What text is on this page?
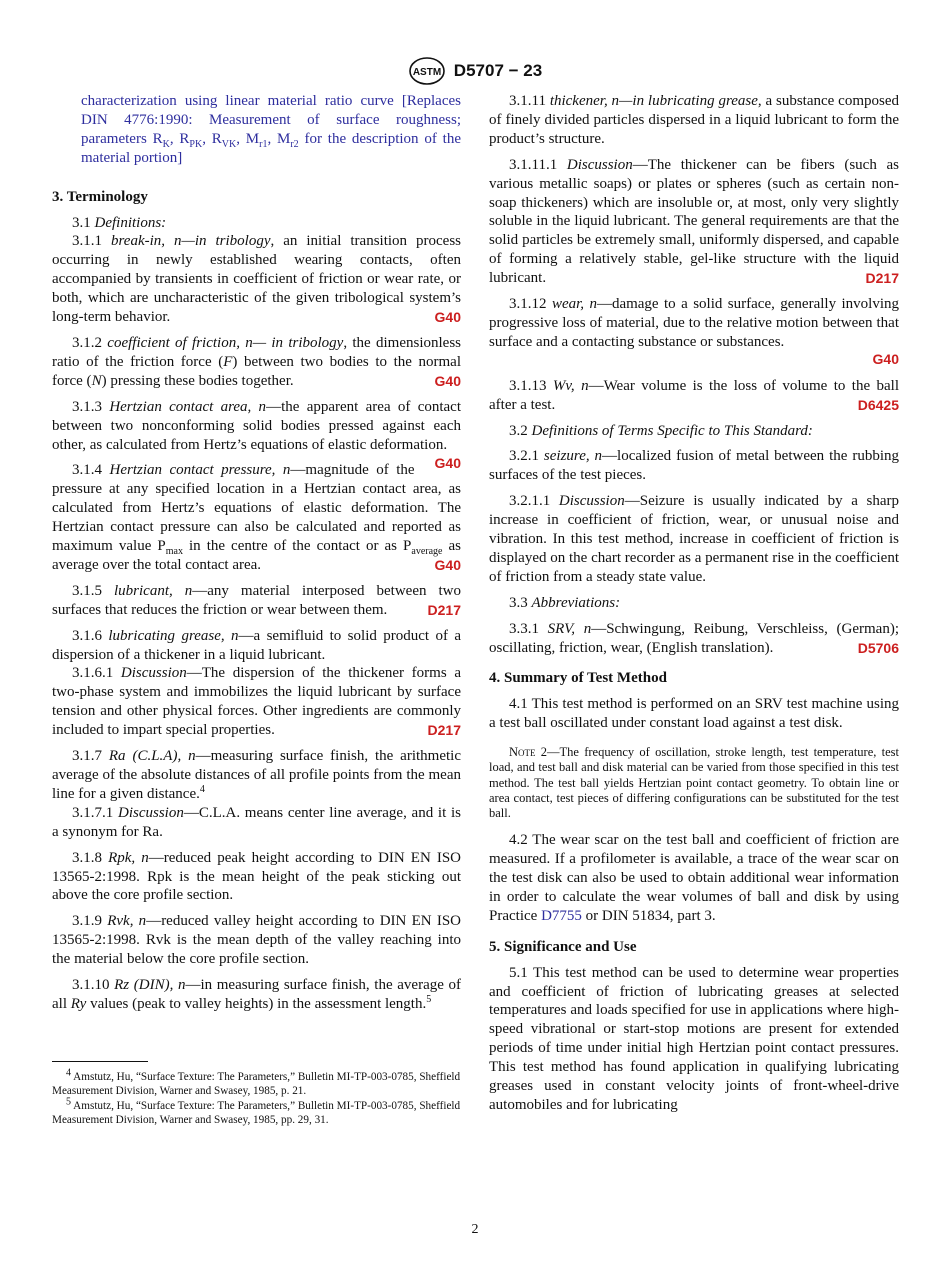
ASTM D5707 − 23

characterization using linear material ratio curve [Replaces DIN 4776:1990: Measurement of surface roughness; parameters $R_K$, $R_{PK}$, $R_{VK}$, $M_{r1}$, $M_{r2}$ for the description of the material portion]

3. Terminology

3.1 Definitions:

3.1.1 break-in, n—in tribology, an initial transition process occurring in newly established wearing contacts, often accompanied by transients in coefficient of friction or wear rate, or both, which are uncharacteristic of the given tribological system’s long-term behavior.	G40

3.1.2 coefficient of friction, n— in tribology, the dimensionless ratio of the friction force (F) between two bodies to the normal force (N) pressing these bodies together.	G40

3.1.3 Hertzian contact area, n—the apparent area of contact between two nonconforming solid bodies pressed against each other, as calculated from Hertz’s equations of elastic deformation.
G40

3.1.4 Hertzian contact pressure, n—magnitude of the pressure at any specified location in a Hertzian contact area, as calculated from Hertz’s equations of elastic deformation. The Hertzian contact pressure can also be calculated and reported as maximum value $P_{max}$ in the centre of the contact or as $P_{average}$ as average over the total contact area.	G40

3.1.5 lubricant, n—any material interposed between two surfaces that reduces the friction or wear between them.	D217

3.1.6 lubricating grease, n—a semifluid to solid product of a dispersion of a thickener in a liquid lubricant.

3.1.6.1 Discussion—The dispersion of the thickener forms a two-phase system and immobilizes the liquid lubricant by surface tension and other physical forces. Other ingredients are commonly included to impart special properties.	D217

3.1.7 Ra (C.L.A), n—measuring surface finish, the arithmetic average of the absolute distances of all profile points from the mean line for a given distance.$^4$

3.1.7.1 Discussion—C.L.A. means center line average, and it is a synonym for Ra.

3.1.8 Rpk, n—reduced peak height according to DIN EN ISO 13565-2:1998. Rpk is the mean height of the peak sticking out above the core profile section.

3.1.9 Rvk, n—reduced valley height according to DIN EN ISO 13565-2:1998. Rvk is the mean depth of the valley reaching into the material below the core profile section.

3.1.10 Rz (DIN), n—in measuring surface finish, the average of all Ry values (peak to valley heights) in the assessment length.$^5$

$^4$ Amstutz, Hu, “Surface Texture: The Parameters,” Bulletin MI-TP-003-0785, Sheffield Measurement Division, Warner and Swasey, 1985, p. 21.
$^5$ Amstutz, Hu, “Surface Texture: The Parameters,” Bulletin MI-TP-003-0785, Sheffield Measurement Division, Warner and Swasey, 1985, pp. 29, 31.

3.1.11 thickener, n—in lubricating grease, a substance composed of finely divided particles dispersed in a liquid lubricant to form the product’s structure.

3.1.11.1 Discussion—The thickener can be fibers (such as various metallic soaps) or plates or spheres (such as certain non-soap thickeners) which are insoluble or, at most, only very slightly soluble in the liquid lubricant. The general requirements are that the solid particles be extremely small, uniformly dispersed, and capable of forming a relatively stable, gel-like structure with the liquid lubricant.	D217

3.1.12 wear, n—damage to a solid surface, generally involving progressive loss of material, due to the relative motion between that surface and a contacting substance or substances.

G40

3.1.13 Wv, n—Wear volume is the loss of volume to the ball after a test.	D6425

3.2 Definitions of Terms Specific to This Standard:

3.2.1 seizure, n—localized fusion of metal between the rubbing surfaces of the test pieces.

3.2.1.1 Discussion—Seizure is usually indicated by a sharp increase in coefficient of friction, wear, or unusual noise and vibration. In this test method, increase in coefficient of friction is displayed on the chart recorder as a permanent rise in the coefficient of friction from a steady state value.

3.3 Abbreviations:

3.3.1 SRV, n—Schwingung, Reibung, Verschleiss, (German); oscillating, friction, wear, (English translation).	D5706

4. Summary of Test Method

4.1 This test method is performed on an SRV test machine using a test ball oscillated under constant load against a test disk.

Note 2—The frequency of oscillation, stroke length, test temperature, test load, and test ball and disk material can be varied from those specified in this test method. The test ball yields Hertzian point contact geometry. To obtain line or area contact, test pieces of differing configurations can be substituted for the test ball.

4.2 The wear scar on the test ball and coefficient of friction are measured. If a profilometer is available, a trace of the wear scar on the test disk can also be used to obtain additional wear information in order to calculate the wear volumes of ball and disk by using Practice D7755 or DIN 51834, part 3.

5. Significance and Use

5.1 This test method can be used to determine wear properties and coefficient of friction of lubricating greases at selected temperatures and loads specified for use in applications where high-speed vibrational or start-stop motions are present for extended periods of time under initial high Hertzian point contact pressures. This test method has found application in qualifying lubricating greases used in constant velocity joints of front-wheel-drive automobiles and for lubricating

2
